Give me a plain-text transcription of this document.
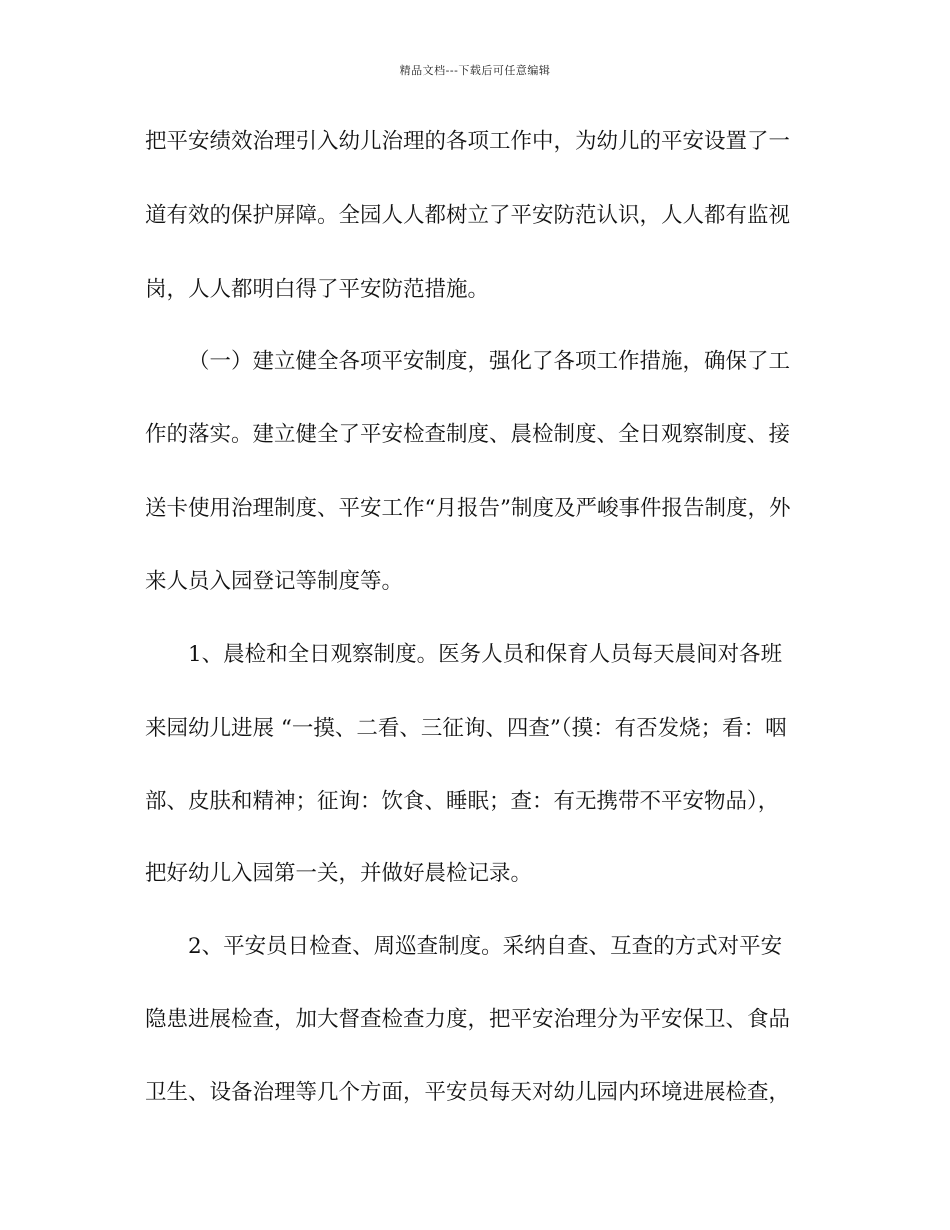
精品文档---下载后可任意编辑
把平安绩效治理引入幼儿治理的各项工作中，为幼儿的平安设置了一
道有效的保护屏障。全园人人都树立了平安防范认识，人人都有监视
岗，人人都明白得了平安防范措施。
（一）建立健全各项平安制度，强化了各项工作措施，确保了工
作的落实。建立健全了平安检查制度、晨检制度、全日观察制度、接
送卡使用治理制度、平安工作“月报告”制度及严峻事件报告制度，外
来人员入园登记等制度等。
1、晨检和全日观察制度。医务人员和保育人员每天晨间对各班
来园幼儿进展 “一摸、二看、三征询、四查”（摸：有否发烧；看：咽
部、皮肤和精神；征询：饮食、睡眠；查：有无携带不平安物品），
把好幼儿入园第一关，并做好晨检记录。
2、平安员日检查、周巡查制度。采纳自查、互查的方式对平安
隐患进展检查，加大督查检查力度，把平安治理分为平安保卫、食品
卫生、设备治理等几个方面，平安员每天对幼儿园内环境进展检查，
